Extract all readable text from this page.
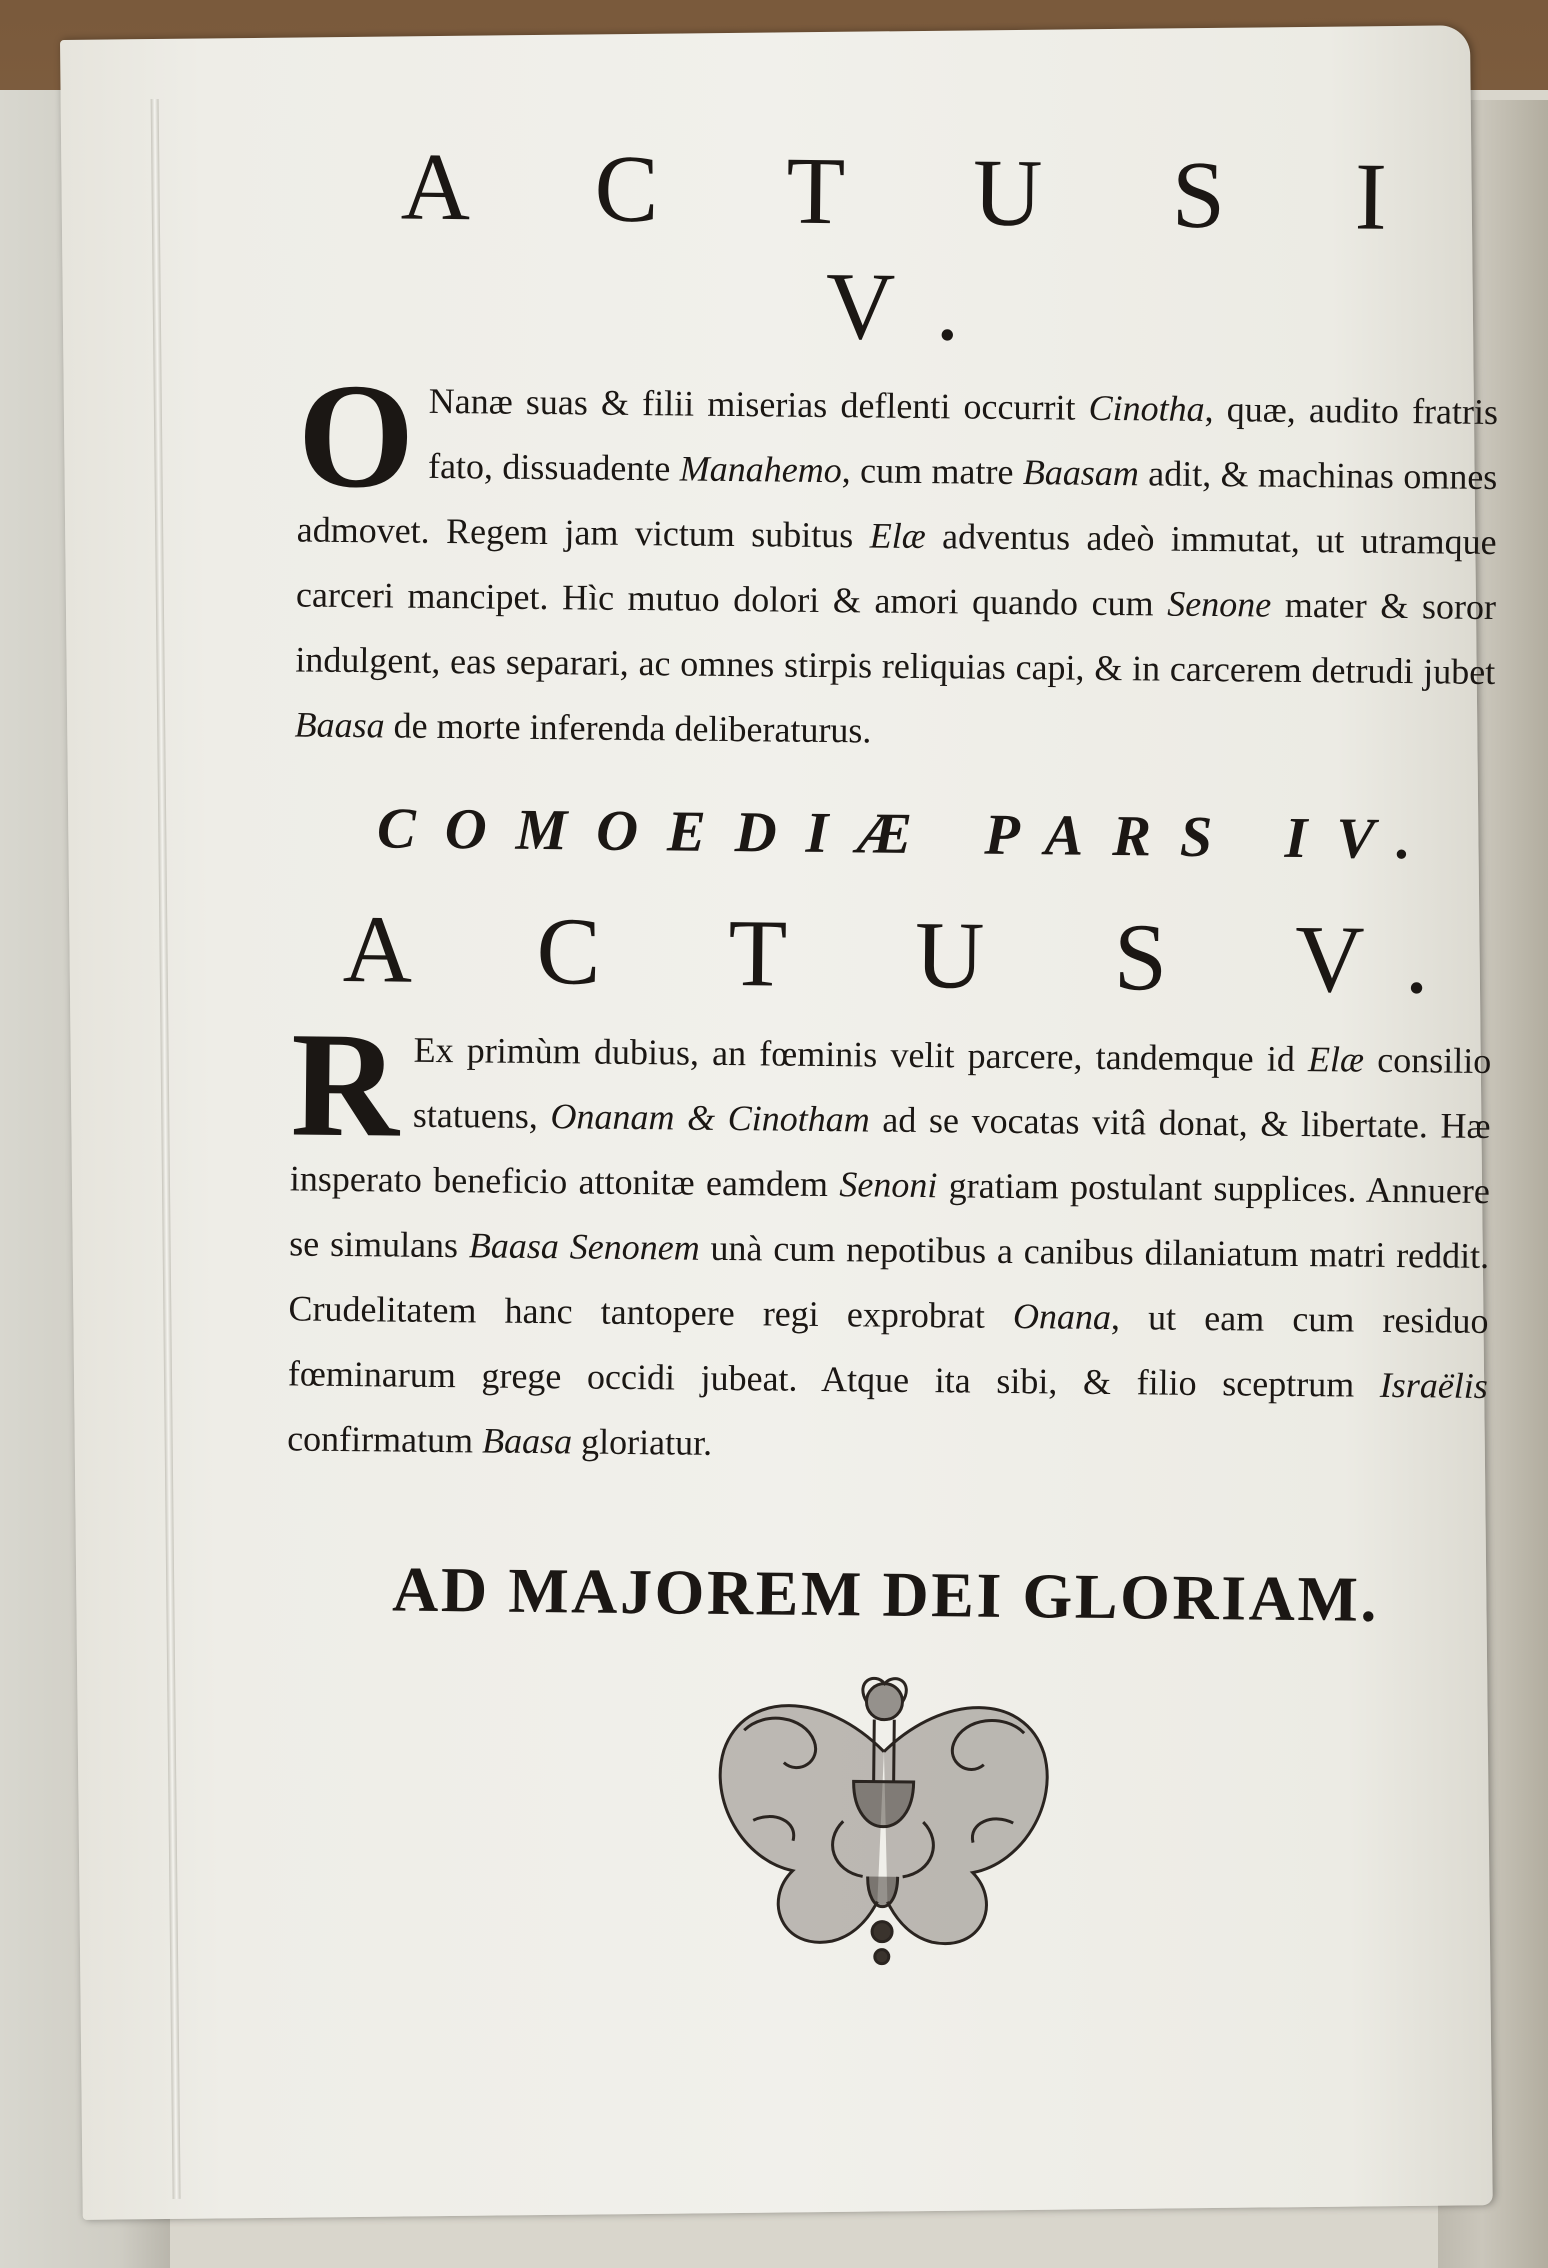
A C T U S I V.

O Nanæ suas & filii miserias deflenti occurrit Cinotha, quæ, audito fratris fato, dissuadente Manahemo, cum matre Baasam adit, & machinas omnes admovet. Regem jam victum subitus Elæ adventus adeò immutat, ut utramque carceri mancipet. Hìc mutuo dolori & amori quando cum Senone mater & soror indulgent, eas separari, ac omnes stirpis reliquias capi, & in carcerem detrudi jubet Baasa de morte inferenda deliberaturus.

COMOEDIÆ PARS IV.
A C T U S V.

R Ex primùm dubius, an fœminis velit parcere, tandemque id Elæ consilio statuens, Onanam & Cinotham ad se vocatas vitâ donat, & libertate. Hæ insperato beneficio attonitæ eamdem Senoni gratiam postulant supplices. Annuere se simulans Baasa Senonem unà cum nepotibus a canibus dilaniatum matri reddit. Crudelitatem hanc tantopere regi exprobrat Onana, ut eam cum residuo fœminarum grege occidi jubeat. Atque ita sibi, & filio sceptrum Israëlis confirmatum Baasa gloriatur.

AD MAJOREM DEI GLORIAM.
